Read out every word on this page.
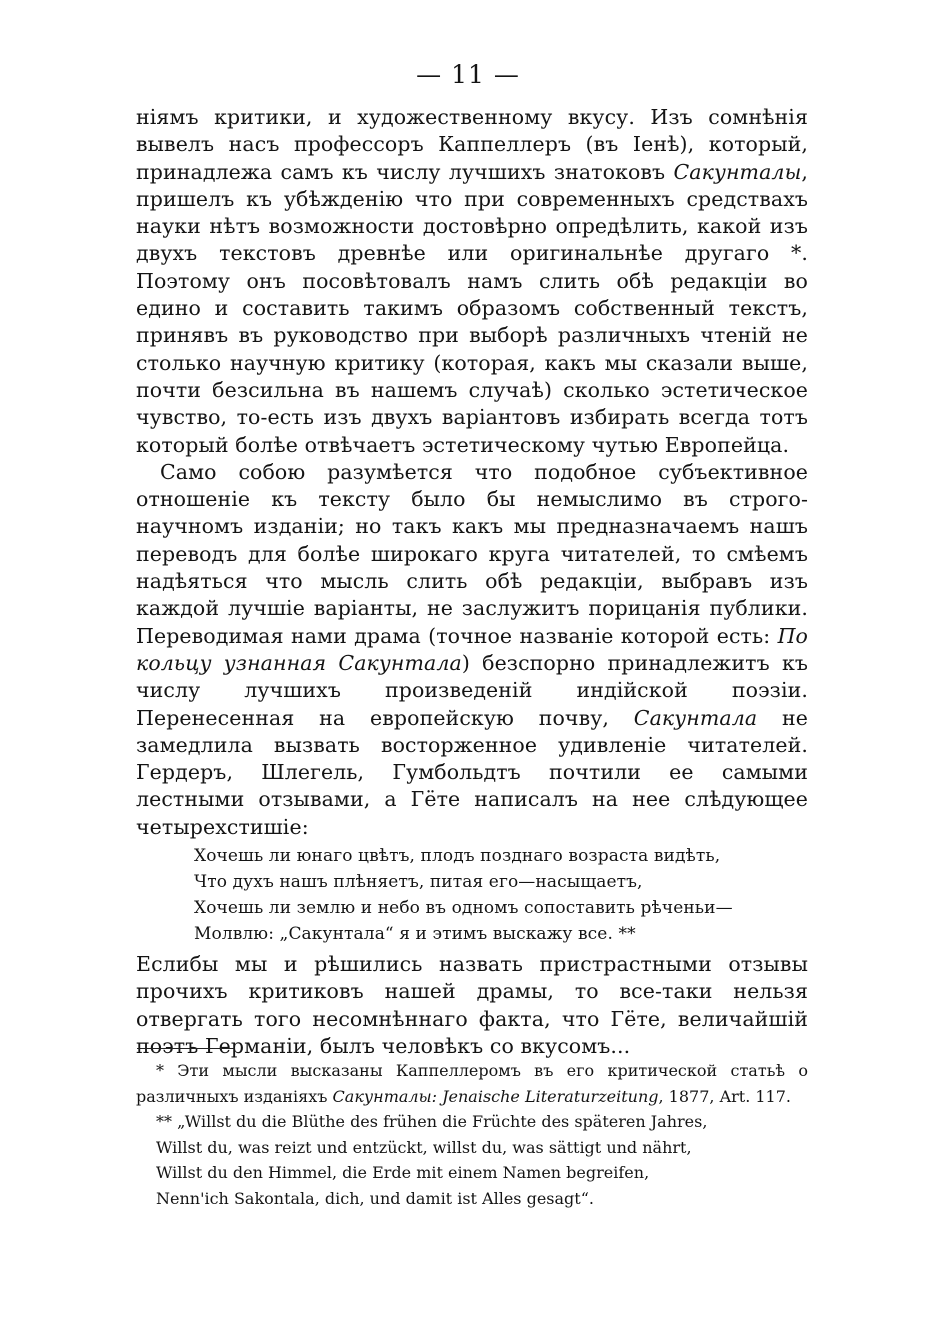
— 11 —

ніямъ критики, и художественному вкусу. Изъ сомнѣнія вывелъ насъ профессоръ Каппеллеръ (въ Іенѣ), который, принадлежа самъ къ числу лучшихъ знатоковъ Сакунталы, пришелъ къ убѣжденію что при современныхъ средствахъ науки нѣтъ возможности достовѣрно опредѣлить, какой изъ двухъ текстовъ древнѣе или оригинальнѣе другаго *. Поэтому онъ посовѣтовалъ намъ слить обѣ редакціи во едино и составить такимъ образомъ собственный текстъ, принявъ въ руководство при выборѣ различныхъ чтеній не столько научную критику (которая, какъ мы сказали выше, почти безсильна въ нашемъ случаѣ) сколько эстетическое чувство, то-есть изъ двухъ варіантовъ избирать всегда тотъ который болѣе отвѣчаетъ эстетическому чутью Европейца.

Само собою разумѣется что подобное субъективное отношеніе къ тексту было бы немыслимо въ строго-научномъ изданіи; но такъ какъ мы предназначаемъ нашъ переводъ для болѣе широкаго круга читателей, то смѣемъ надѣяться что мысль слить обѣ редакціи, выбравъ изъ каждой лучшіе варіанты, не заслужитъ порицанія публики. Переводимая нами драма (точное названіе которой есть: По кольцу узнанная Сакунтала) безспорно принадлежитъ къ числу лучшихъ произведеній индійской поэзіи. Перенесенная на европейскую почву, Сакунтала не замедлила вызвать восторженное удивленіе читателей. Гердеръ, Шлегель, Гумбольдтъ почтили ее самыми лестными отзывами, а Гёте написалъ на нее слѣдующее четырехстишіе:

Хочешь ли юнаго цвѣтъ, плодъ позднаго возраста видѣть,
Что духъ нашъ плѣняетъ, питая его—насыщаетъ,
Хочешь ли землю и небо въ одномъ сопоставить рѣченьи—
Молвлю: „Сакунтала“ я и этимъ выскажу все. **

Еслибы мы и рѣшились назвать пристрастными отзывы прочихъ критиковъ нашей драмы, то все-таки нельзя отвергать того несомнѣннаго факта, что Гёте, величайшій поэтъ Германіи, былъ человѣкъ со вкусомъ...

* Эти мысли высказаны Каппеллеромъ въ его критической статьѣ о различныхъ изданіяхъ Сакунталы: Jenaische Literaturzeitung, 1877, Art. 117.

** „Willst du die Blüthe des frühen die Früchte des späteren Jahres,

Willst du, was reizt und entzückt, willst du, was sättigt und nährt,

Willst du den Himmel, die Erde mit einem Namen begreifen,

Nenn'ich Sakontala, dich, und damit ist Alles gesagt“.
